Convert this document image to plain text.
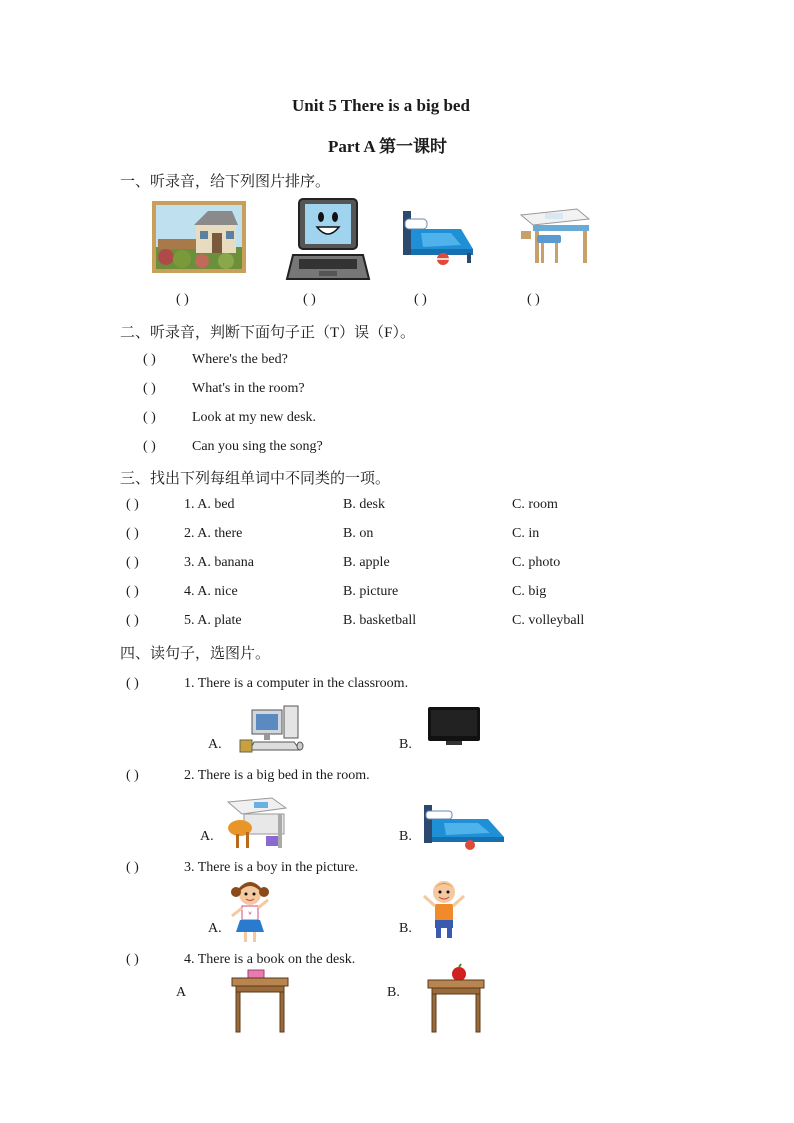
Unit 5 There is a big bed
Part A 第一课时
一、听录音，给下列图片排序。
( )	( )	( )	( )
二、听录音，判断下面句子正（T）误（F）。
( )	Where's the bed?
( )	What's in the room?
( )	Look at my new desk.
( )	Can you sing the song?
三、找出下列每组单词中不同类的一项。
( )	1. A. bed	B. desk	C. room
( )	2. A. there	B. on	C. in
( )	3. A. banana	B. apple	C. photo
( )	4. A. nice	B. picture	C. big
( )	5. A. plate	B. basketball	C. volleyball
四、读句子，选图片。
( )	1. There is a computer in the classroom.
A.	B.
( )	2. There is a big bed in the room.
A.	B.
( )	3. There is a boy in the picture.
A.	B.
( )	4. There is a book on the desk.
A	B.
